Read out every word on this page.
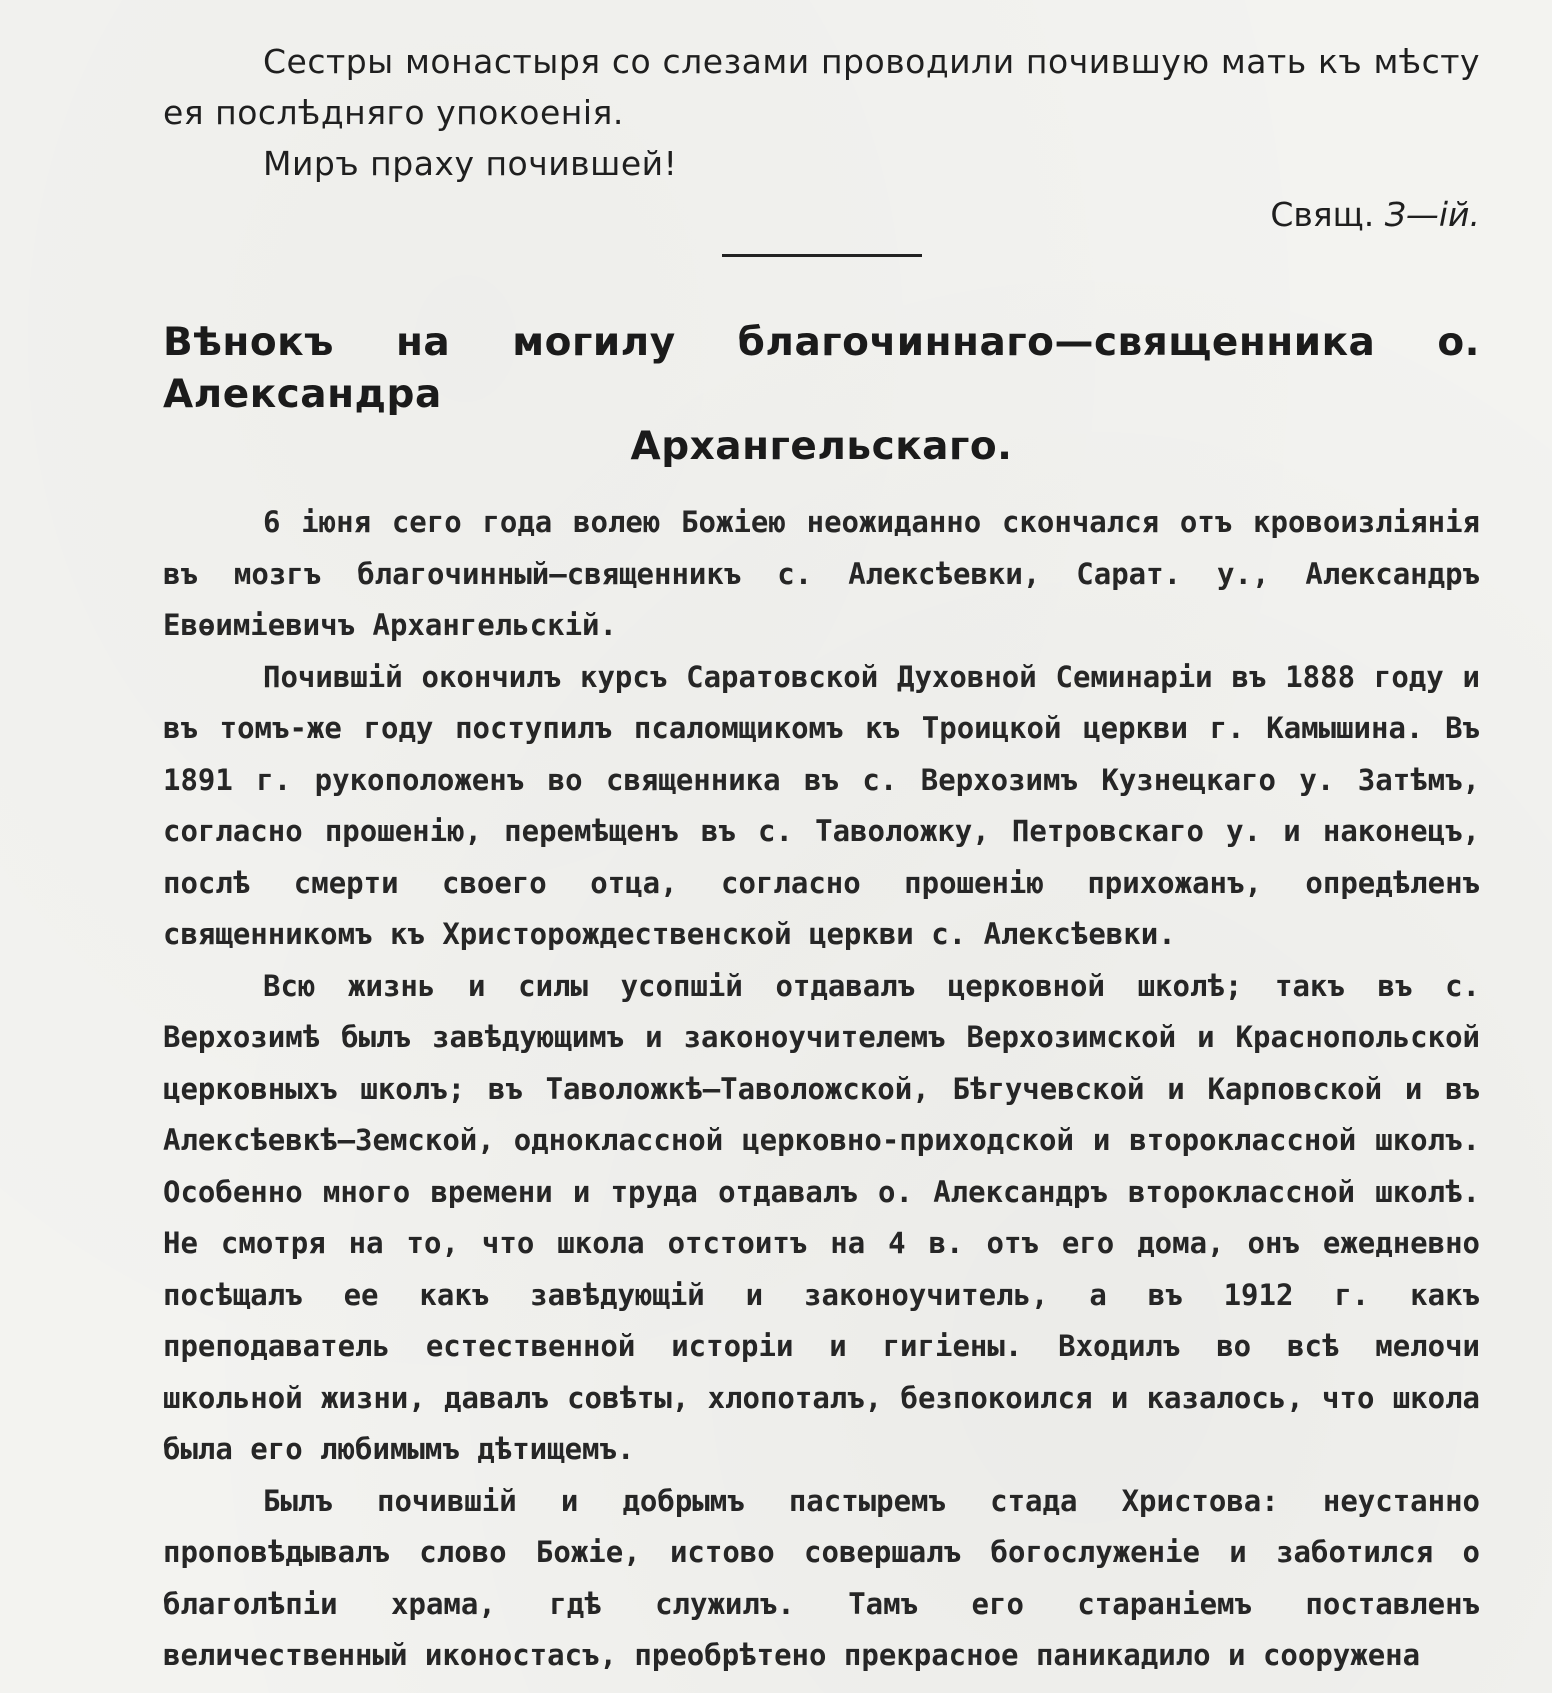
Сестры монастыря со слезами проводили почившую мать къ мѣсту ея послѣдняго упокоенія.

Миръ праху почившей!

Свящ. З—ій.

Вѣнокъ на могилу благочиннаго—священника о. Александра
Архангельскаго.

6 іюня сего года волею Божіею неожиданно скончался отъ кровоизліянія въ мозгъ благочинный—священникъ с. Алексѣевки, Сарат. у., Александръ Евѳиміевичъ Архангельскій.

Почившій окончилъ курсъ Саратовской Духовной Семинаріи въ 1888 году и въ томъ-же году поступилъ псаломщикомъ къ Троицкой церкви г. Камышина. Въ 1891 г. рукоположенъ во священника въ с. Верхозимъ Кузнецкаго у. Затѣмъ, согласно прошенію, перемѣщенъ въ с. Таволожку, Петровскаго у. и наконецъ, послѣ смерти своего отца, согласно прошенію прихожанъ, опредѣленъ священникомъ къ Христорождественской церкви с. Алексѣевки.

Всю жизнь и силы усопшій отдавалъ церковной школѣ; такъ въ с. Верхозимѣ былъ завѣдующимъ и законоучителемъ Верхозимской и Краснопольской церковныхъ школъ; въ Таволожкѣ—Таволожской, Бѣгучевской и Карповской и въ Алексѣевкѣ—Земской, одноклассной церковно-приходской и второклассной школъ. Особенно много времени и труда отдавалъ о. Александръ второклассной школѣ. Не смотря на то, что школа отстоитъ на 4 в. отъ его дома, онъ ежедневно посѣщалъ ее какъ завѣдующій и законоучитель, а въ 1912 г. какъ преподаватель естественной исторіи и гигіены. Входилъ во всѣ мелочи школьной жизни, давалъ совѣты, хлопоталъ, безпокоился и казалось, что школа была его любимымъ дѣтищемъ.

Былъ почившій и добрымъ пастыремъ стада Христова: неустанно проповѣдывалъ слово Божіе, истово совершалъ богослуженіе и заботился о благолѣпіи храма, гдѣ служилъ. Тамъ его стараніемъ поставленъ величественный иконостасъ, преобрѣтено прекрасное паникадило и сооружена
